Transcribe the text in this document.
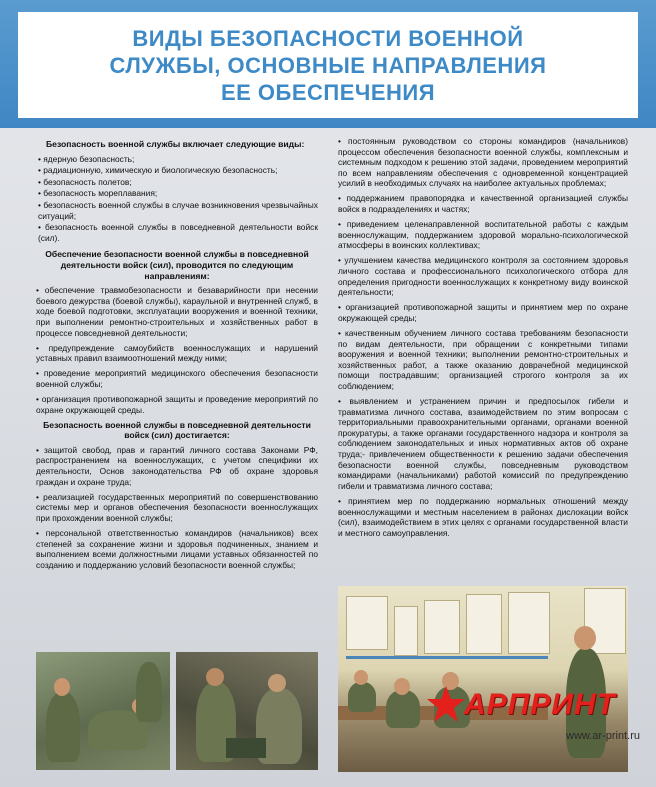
ВИДЫ БЕЗОПАСНОСТИ ВОЕННОЙ
СЛУЖБЫ, ОСНОВНЫЕ НАПРАВЛЕНИЯ
ЕЕ ОБЕСПЕЧЕНИЯ
Безопасность военной службы включает следующие виды:
• ядерную безопасность;
• радиационную, химическую и биологическую безопасность;
• безопасность полетов;
• безопасность мореплавания;
• безопасность военной службы в случае возникновения чрезвычайных ситуаций;
• безопасность военной службы в повседневной деятельности войск (сил).
Обеспечение безопасности военной службы в повседневной деятельности войск (сил), проводится по следующим направлениям:

• обеспечение травмобезопасности и безаварийности при несении боевого дежурства (боевой службы), караульной и внутренней служб, в ходе боевой подготовки, эксплуатации вооружения и военной техники, при выполнении ремонтно-строительных и хозяйственных работ в процессе повседневной деятельности;

• предупреждение самоубийств военнослужащих и нарушений уставных правил взаимоотношений между ними;

• проведение мероприятий медицинского обеспечения безопасности военной службы;

• организация противопожарной защиты и проведение мероприятий по охране окружающей среды.

Безопасность военной службы в повседневной деятельности войск (сил) достигается:

• защитой свобод, прав и гарантий личного состава Законами РФ, распространением на военнослужащих, с учетом специфики их деятельности, Основ законодательства РФ об охране здоровья граждан и охране труда;

• реализацией государственных мероприятий по совершенствованию системы мер и органов обеспечения безопасности военнослужащих при прохождении военной службы;

• персональной ответственностью командиров (начальников) всех степеней за сохранение жизни и здоровья подчиненных, знанием и выполнением всеми должностными лицами уставных обязанностей по созданию и поддержанию условий безопасности военной службы;

• постоянным руководством со стороны командиров (начальников) процессом обеспечения безопасности военной службы, комплексным и системным подходом к решению этой задачи, проведением мероприятий по всем направлениям обеспечения с одновременной концентрацией усилий в необходимых случаях на наиболее актуальных проблемах;

• поддержанием правопорядка и качественной организацией службы войск в подразделениях и частях;

• приведением целенаправленной воспитательной работы с каждым военнослужащим, поддержанием здоровой морально-психологической атмосферы в воинских коллективах;

• улучшением качества медицинского контроля за состоянием здоровья личного состава и профессионального психологического отбора для определения пригодности военнослужащих к конкретному виду воинской деятельности;

• организацией противопожарной защиты и принятием мер по охране окружающей среды;

• качественным обучением личного состава требованиям безопасности по видам деятельности, при обращении с конкретными типами вооружения и военной техники; выполнении ремонтно-строительных и хозяйственных работ, а также оказанию доврачебной медицинской помощи пострадавшим; организацией строгого контроля за их соблюдением;

• выявлением и устранением причин и предпосылок гибели и травматизма личного состава, взаимодействием по этим вопросам с территориальными правоохранительными органами, органами военной прокуратуры, а также органами государственного надзора и контроля за соблюдением законодательных и иных нормативных актов об охране труда;- привлечением общественности к решению задачи обеспечения безопасности военной службы, повседневным руководством командирами (начальниками) работой комиссий по предупреждению гибели и травматизма личного состава;

• принятием мер по поддержанию нормальных отношений между военнослужащими и местным населением в районах дислокации войск (сил), взаимодействием в этих целях с органами государственной власти и местного самоуправления.

АРПРИНТ
www.ar-print.ru
